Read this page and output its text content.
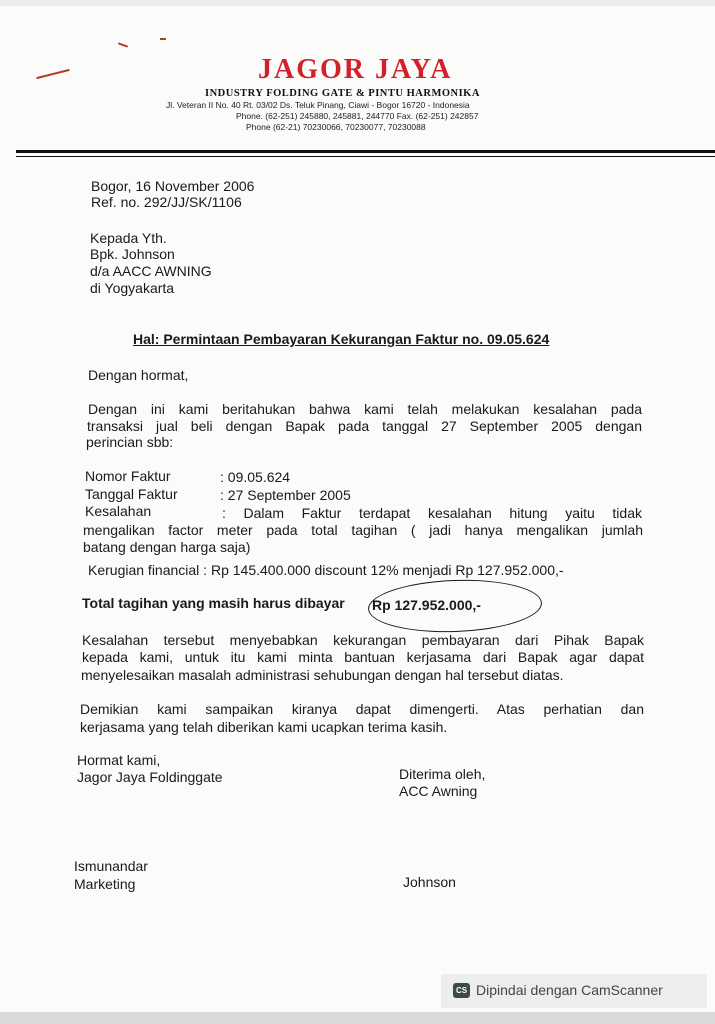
JAGOR JAYA
INDUSTRY FOLDING GATE & PINTU HARMONIKA
Jl. Veteran II No. 40 Rt. 03/02 Ds. Teluk Pinang, Ciawi - Bogor 16720 - Indonesia
Phone. (62-251) 245880, 245881, 244770 Fax. (62-251) 242857
Phone (62-21) 70230066, 70230077, 70230088
Bogor, 16 November 2006
Ref. no. 292/JJ/SK/1106
Kepada Yth.
Bpk. Johnson
d/a AACC AWNING
di Yogyakarta
Hal: Permintaan Pembayaran Kekurangan Faktur no. 09.05.624
Dengan hormat,
Dengan ini kami beritahukan bahwa kami telah melakukan kesalahan pada
transaksi jual beli dengan Bapak pada tanggal 27 September 2005 dengan
perincian sbb:
Nomor Faktur	: 09.05.624
Tanggal Faktur	: 27 September 2005
Kesalahan	: Dalam Faktur terdapat kesalahan hitung yaitu tidak
mengalikan factor meter pada total tagihan ( jadi hanya mengalikan jumlah
batang dengan harga saja)
Kerugian financial : Rp 145.400.000 discount 12% menjadi Rp 127.952.000,-
Total tagihan yang masih harus dibayar Rp 127.952.000,-
Kesalahan tersebut menyebabkan kekurangan pembayaran dari Pihak Bapak
kepada kami, untuk itu kami minta bantuan kerjasama dari Bapak agar dapat
menyelesaikan masalah administrasi sehubungan dengan hal tersebut diatas.
Demikian kami sampaikan kiranya dapat dimengerti. Atas perhatian dan
kerjasama yang telah diberikan kami ucapkan terima kasih.
Hormat kami,
Jagor Jaya Foldinggate	Diterima oleh,
ACC Awning
Ismunandar
Marketing	Johnson
CS Dipindai dengan CamScanner
